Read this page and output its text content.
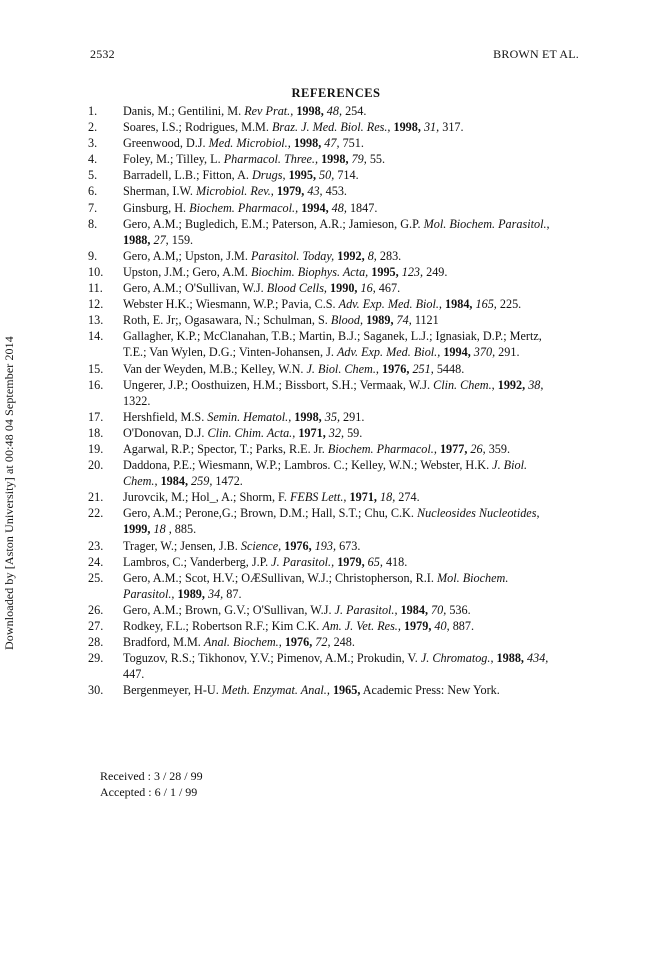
2532	BROWN ET AL.
Downloaded by [Aston University] at 00:48 04 September 2014
REFERENCES
1.	Danis, M.; Gentilini, M. Rev Prat., 1998, 48, 254.
2.	Soares, I.S.; Rodrigues, M.M. Braz. J. Med. Biol. Res., 1998, 31, 317.
3.	Greenwood, D.J. Med. Microbiol., 1998, 47, 751.
4.	Foley, M.; Tilley, L. Pharmacol. Three., 1998, 79, 55.
5.	Barradell, L.B.; Fitton, A. Drugs, 1995, 50, 714.
6.	Sherman, I.W. Microbiol. Rev., 1979, 43, 453.
7.	Ginsburg, H. Biochem. Pharmacol., 1994, 48, 1847.
8.	Gero, A.M.; Bugledich, E.M.; Paterson, A.R.; Jamieson, G.P. Mol. Biochem. Parasitol., 1988, 27, 159.
9.	Gero, A.M,; Upston, J.M. Parasitol. Today, 1992, 8, 283.
10.	Upston, J.M.; Gero, A.M. Biochim. Biophys. Acta, 1995, 123, 249.
11.	Gero, A.M.; O'Sullivan, W.J. Blood Cells, 1990, 16, 467.
12.	Webster H.K.; Wiesmann, W.P.; Pavia, C.S. Adv. Exp. Med. Biol., 1984, 165, 225.
13.	Roth, E. Jr;, Ogasawara, N.; Schulman, S. Blood, 1989, 74, 1121
14.	Gallagher, K.P.; McClanahan, T.B.; Martin, B.J.; Saganek, L.J.; Ignasiak, D.P.; Mertz, T.E.; Van Wylen, D.G.; Vinten-Johansen, J. Adv. Exp. Med. Biol., 1994, 370, 291.
15.	Van der Weyden, M.B.; Kelley, W.N. J. Biol. Chem., 1976, 251, 5448.
16.	Ungerer, J.P.; Oosthuizen, H.M.; Bissbort, S.H.; Vermaak, W.J. Clin. Chem., 1992, 38, 1322.
17.	Hershfield, M.S. Semin. Hematol., 1998, 35, 291.
18.	O'Donovan, D.J. Clin. Chim. Acta., 1971, 32, 59.
19.	Agarwal, R.P.; Spector, T.; Parks, R.E. Jr. Biochem. Pharmacol., 1977, 26, 359.
20.	Daddona, P.E.; Wiesmann, W.P.; Lambros. C.; Kelley, W.N.; Webster, H.K. J. Biol. Chem., 1984, 259, 1472.
21.	Jurovcik, M.; Hol_, A.; Shorm, F. FEBS Lett., 1971, 18, 274.
22.	Gero, A.M.; Perone,G.; Brown, D.M.; Hall, S.T.; Chu, C.K. Nucleosides Nucleotides, 1999, 18 , 885.
23.	Trager, W.; Jensen, J.B. Science, 1976, 193, 673.
24.	Lambros, C.; Vanderberg, J.P. J. Parasitol., 1979, 65, 418.
25.	Gero, A.M.; Scot, H.V.; OÆSullivan, W.J.; Christopherson, R.I. Mol. Biochem. Parasitol., 1989, 34, 87.
26.	Gero, A.M.; Brown, G.V.; O'Sullivan, W.J. J. Parasitol., 1984, 70, 536.
27.	Rodkey, F.L.; Robertson R.F.; Kim C.K. Am. J. Vet. Res., 1979, 40, 887.
28.	Bradford, M.M. Anal. Biochem., 1976, 72, 248.
29.	Toguzov, R.S.; Tikhonov, Y.V.; Pimenov, A.M.; Prokudin, V. J. Chromatog., 1988, 434, 447.
30.	Bergenmeyer, H-U. Meth. Enzymat. Anal., 1965, Academic Press: New York.
Received : 3 / 28 / 99
Accepted : 6 / 1 / 99
